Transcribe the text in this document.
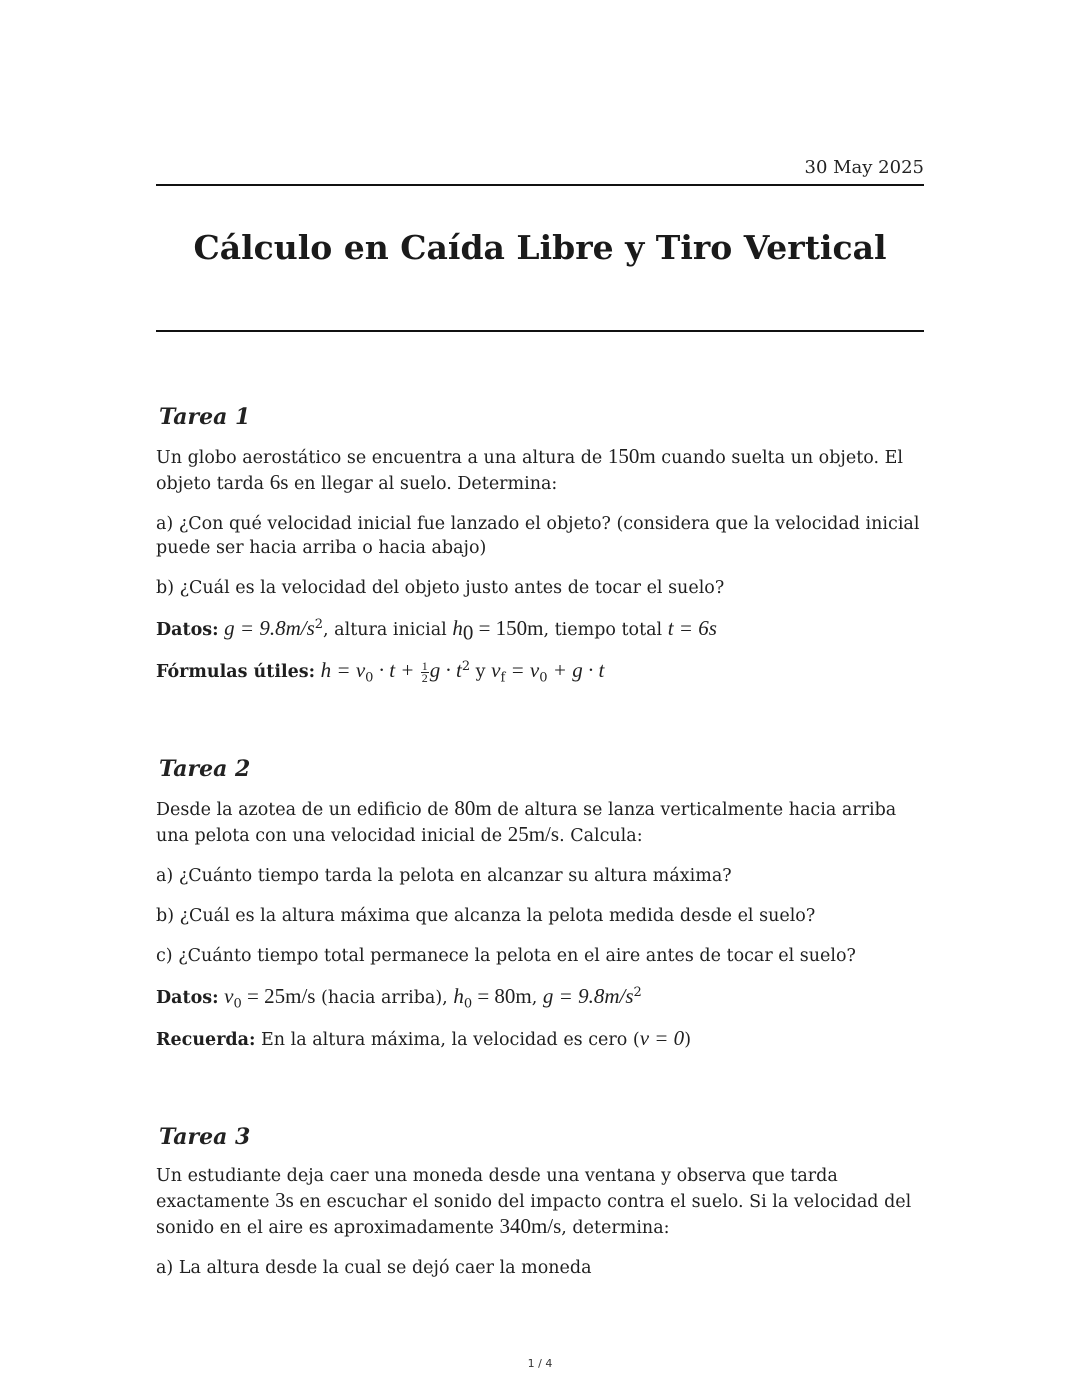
30 May 2025
Cálculo en Caída Libre y Tiro Vertical
Tarea 1

Un globo aerostático se encuentra a una altura de 150m cuando suelta un objeto. El objeto tarda 6s en llegar al suelo. Determina:

a) ¿Con qué velocidad inicial fue lanzado el objeto? (considera que la velocidad inicial puede ser hacia arriba o hacia abajo)

b) ¿Cuál es la velocidad del objeto justo antes de tocar el suelo?

Datos: $g = 9.8m/s^2$, altura inicial $h_0 = 150m$, tiempo total t = 6s

Fórmulas útiles: $h = v_0 \cdot t + \frac{1}{2}$ $g \cdot t^2$ y $v_f = v_0 + g \cdot t$

Tarea 2

Desde la azotea de un edificio de 80m de altura se lanza verticalmente hacia arriba una pelota con una velocidad inicial de 25m/s. Calcula:

a) ¿Cuánto tiempo tarda la pelota en alcanzar su altura máxima?

b) ¿Cuál es la altura máxima que alcanza la pelota medida desde el suelo?

c) ¿Cuánto tiempo total permanece la pelota en el aire antes de tocar el suelo?

Datos: $v_0 = 25m/s$ (hacia arriba), $h_0 = 80m$, $g = 9.8m/s^2$

Recuerda: En la altura máxima, la velocidad es cero (v = 0)

Tarea 3

Un estudiante deja caer una moneda desde una ventana y observa que tarda exactamente 3s en escuchar el sonido del impacto contra el suelo. Si la velocidad del sonido en el aire es aproximadamente 340m/s, determina:

a) La altura desde la cual se dejó caer la moneda

1 / 4
